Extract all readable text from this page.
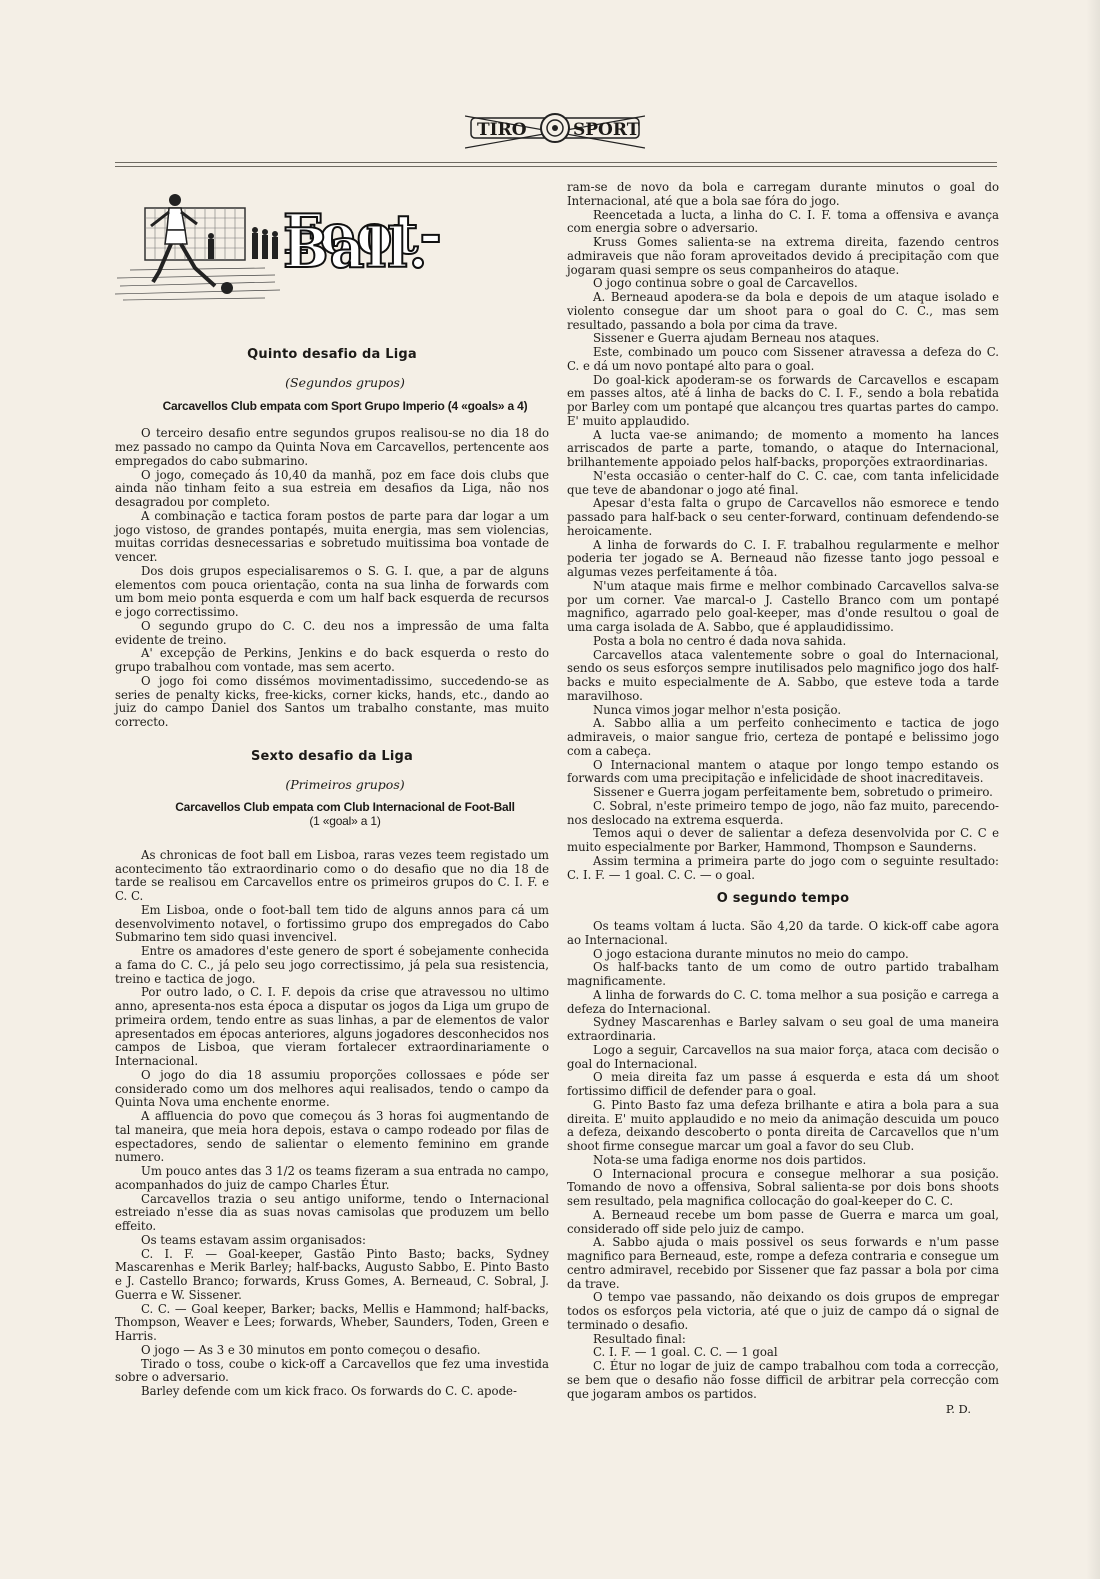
TIRO	SPORT
Foot-Ball.
Quinto desafio da Liga

(Segundos grupos)

Carcavellos Club empata com Sport Grupo Imperio (4 «goals» a 4)

O terceiro desafio entre segundos grupos realisou-se no dia 18 do mez passado no campo da Quinta Nova em Carcavellos, pertencente aos empregados do cabo submarino.

O jogo, começado ás 10,40 da manhã, poz em face dois clubs que ainda não tinham feito a sua estreia em desafios da Liga, não nos desagradou por completo.

A combinação e tactica foram postos de parte para dar logar a um jogo vistoso, de grandes pontapés, muita energia, mas sem violencias, muitas corridas desnecessarias e sobretudo muitissima boa vontade de vencer.

Dos dois grupos especialisaremos o S. G. I. que, a par de alguns elementos com pouca orientação, conta na sua linha de forwards com um bom meio ponta esquerda e com um half back esquerda de recursos e jogo correctissimo.

O segundo grupo do C. C. deu nos a impressão de uma falta evidente de treino.

A' excepção de Perkins, Jenkins e do back esquerda o resto do grupo trabalhou com vontade, mas sem acerto.

O jogo foi como dissémos movimentadissimo, succedendo-se as series de penalty kicks, free-kicks, corner kicks, hands, etc., dando ao juiz do campo Daniel dos Santos um trabalho constante, mas muito correcto.

Sexto desafio da Liga

(Primeiros grupos)

Carcavellos Club empata com Club Internacional de Foot-Ball

(1 «goal» a 1)

As chronicas de foot ball em Lisboa, raras vezes teem registado um acontecimento tão extraordinario como o do desafio que no dia 18 de tarde se realisou em Carcavellos entre os primeiros grupos do C. I. F. e C. C.

Em Lisboa, onde o foot-ball tem tido de alguns annos para cá um desenvolvimento notavel, o fortissimo grupo dos empregados do Cabo Submarino tem sido quasi invencivel.

Entre os amadores d'este genero de sport é sobejamente conhecida a fama do C. C., já pelo seu jogo correctissimo, já pela sua resistencia, treino e tactica de jogo.

Por outro lado, o C. I. F. depois da crise que atravessou no ultimo anno, apresenta-nos esta época a disputar os jogos da Liga um grupo de primeira ordem, tendo entre as suas linhas, a par de elementos de valor apresentados em épocas anteriores, alguns jogadores desconhecidos nos campos de Lisboa, que vieram fortalecer extraordinariamente o Internacional.

O jogo do dia 18 assumiu proporções collossaes e póde ser considerado como um dos melhores aqui realisados, tendo o campo da Quinta Nova uma enchente enorme.

A affluencia do povo que começou ás 3 horas foi augmentando de tal maneira, que meia hora depois, estava o campo rodeado por filas de espectadores, sendo de salientar o elemento feminino em grande numero.

Um pouco antes das 3 1/2 os teams fizeram a sua entrada no campo, acompanhados do juiz de campo Charles Étur.

Carcavellos trazia o seu antigo uniforme, tendo o Internacional estreiado n'esse dia as suas novas camisolas que produzem um bello effeito.

Os teams estavam assim organisados:

C. I. F. — Goal-keeper, Gastão Pinto Basto; backs, Sydney Mascarenhas e Merik Barley; half-backs, Augusto Sabbo, E. Pinto Basto e J. Castello Branco; forwards, Kruss Gomes, A. Berneaud, C. Sobral, J. Guerra e W. Sissener.

C. C. — Goal keeper, Barker; backs, Mellis e Hammond; half-backs, Thompson, Weaver e Lees; forwards, Wheber, Saunders, Toden, Green e Harris.

O jogo — As 3 e 30 minutos em ponto começou o desafio.

Tirado o toss, coube o kick-off a Carcavellos que fez uma investida sobre o adversario.

Barley defende com um kick fraco. Os forwards do C. C. apode-

ram-se de novo da bola e carregam durante minutos o goal do Internacional, até que a bola sae fóra do jogo.

Reencetada a lucta, a linha do C. I. F. toma a offensiva e avança com energia sobre o adversario.

Kruss Gomes salienta-se na extrema direita, fazendo centros admiraveis que não foram aproveitados devido á precipitação com que jogaram quasi sempre os seus companheiros do ataque.

O jogo continua sobre o goal de Carcavellos.

A. Berneaud apodera-se da bola e depois de um ataque isolado e violento consegue dar um shoot para o goal do C. C., mas sem resultado, passando a bola por cima da trave.

Sissener e Guerra ajudam Berneau nos ataques.

Este, combinado um pouco com Sissener atravessa a defeza do C. C. e dá um novo pontapé alto para o goal.

Do goal-kick apoderam-se os forwards de Carcavellos e escapam em passes altos, até á linha de backs do C. I. F., sendo a bola rebatida por Barley com um pontapé que alcançou tres quartas partes do campo. E' muito applaudido.

A lucta vae-se animando; de momento a momento ha lances arriscados de parte a parte, tomando, o ataque do Internacional, brilhantemente appoiado pelos half-backs, proporções extraordinarias.

N'esta occasião o center-half do C. C. cae, com tanta infelicidade que teve de abandonar o jogo até final.

Apesar d'esta falta o grupo de Carcavellos não esmorece e tendo passado para half-back o seu center-forward, continuam defendendo-se heroicamente.

A linha de forwards do C. I. F. trabalhou regularmente e melhor poderia ter jogado se A. Berneaud não fizesse tanto jogo pessoal e algumas vezes perfeitamente á tôa.

N'um ataque mais firme e melhor combinado Carcavellos salva-se por um corner. Vae marcal-o J. Castello Branco com um pontapé magnifico, agarrado pelo goal-keeper, mas d'onde resultou o goal de uma carga isolada de A. Sabbo, que é applaudidissimo.

Posta a bola no centro é dada nova sahida.

Carcavellos ataca valentemente sobre o goal do Internacional, sendo os seus esforços sempre inutilisados pelo magnifico jogo dos half-backs e muito especialmente de A. Sabbo, que esteve toda a tarde maravilhoso.

Nunca vimos jogar melhor n'esta posição.

A. Sabbo allia a um perfeito conhecimento e tactica de jogo admiraveis, o maior sangue frio, certeza de pontapé e belissimo jogo com a cabeça.

O Internacional mantem o ataque por longo tempo estando os forwards com uma precipitação e infelicidade de shoot inacreditaveis.

Sissener e Guerra jogam perfeitamente bem, sobretudo o primeiro.

C. Sobral, n'este primeiro tempo de jogo, não faz muito, parecendo-nos deslocado na extrema esquerda.

Temos aqui o dever de salientar a defeza desenvolvida por C. C e muito especialmente por Barker, Hammond, Thompson e Saunderns.

Assim termina a primeira parte do jogo com o seguinte resultado: C. I. F. — 1 goal. C. C. — o goal.

O segundo tempo

Os teams voltam á lucta. São 4,20 da tarde. O kick-off cabe agora ao Internacional.

O jogo estaciona durante minutos no meio do campo.

Os half-backs tanto de um como de outro partido trabalham magnificamente.

A linha de forwards do C. C. toma melhor a sua posição e carrega a defeza do Internacional.

Sydney Mascarenhas e Barley salvam o seu goal de uma maneira extraordinaria.

Logo a seguir, Carcavellos na sua maior força, ataca com decisão o goal do Internacional.

O meia direita faz um passe á esquerda e esta dá um shoot fortissimo difficil de defender para o goal.

G. Pinto Basto faz uma defeza brilhante e atira a bola para a sua direita. E' muito applaudido e no meio da animação descuida um pouco a defeza, deixando descoberto o ponta direita de Carcavellos que n'um shoot firme consegue marcar um goal a favor do seu Club.

Nota-se uma fadiga enorme nos dois partidos.

O Internacional procura e consegue melhorar a sua posição. Tomando de novo a offensiva, Sobral salienta-se por dois bons shoots sem resultado, pela magnifica collocação do goal-keeper do C. C.

A. Berneaud recebe um bom passe de Guerra e marca um goal, considerado off side pelo juiz de campo.

A. Sabbo ajuda o mais possivel os seus forwards e n'um passe magnifico para Berneaud, este, rompe a defeza contraria e consegue um centro admiravel, recebido por Sissener que faz passar a bola por cima da trave.

O tempo vae passando, não deixando os dois grupos de empregar todos os esforços pela victoria, até que o juiz de campo dá o signal de terminado o desafio.

Resultado final:

C. I. F. — 1 goal. C. C. — 1 goal

C. Étur no logar de juiz de campo trabalhou com toda a correcção, se bem que o desafio não fosse difficil de arbitrar pela correcção com que jogaram ambos os partidos.

P. D.
